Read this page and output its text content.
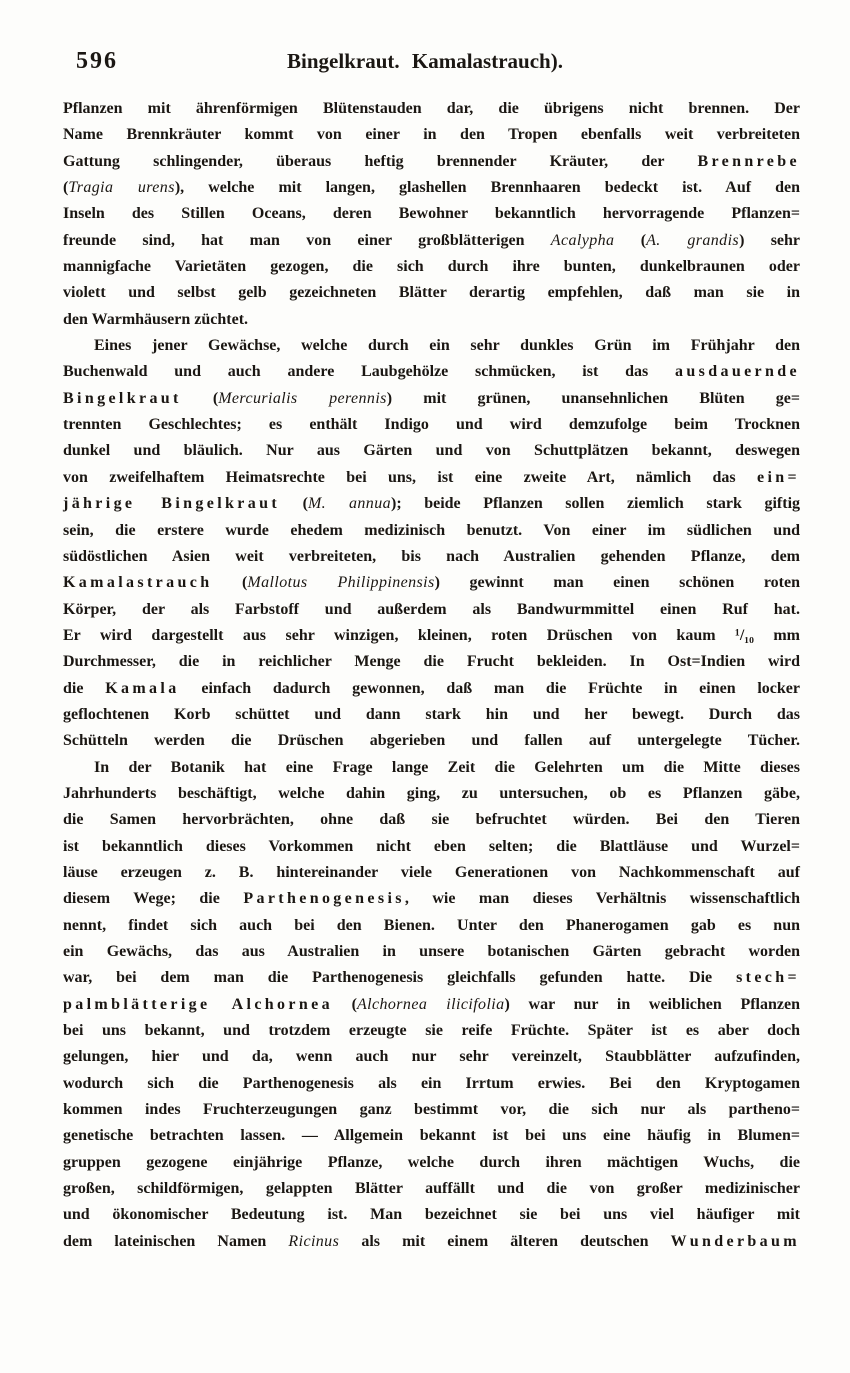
596	Bingelkraut. Kamalastrauch).
Pflanzen mit ährenförmigen Blütenstauden dar, die übrigens nicht brennen. Der
Name Brennkräuter kommt von einer in den Tropen ebenfalls weit verbreiteten
Gattung schlingender, überaus heftig brennender Kräuter, der Brennrebe
(Tragia urens), welche mit langen, glashellen Brennhaaren bedeckt ist. Auf den
Inseln des Stillen Oceans, deren Bewohner bekanntlich hervorragende Pflanzen=
freunde sind, hat man von einer großblätterigen Acalypha (A. grandis) sehr
mannigfache Varietäten gezogen, die sich durch ihre bunten, dunkelbraunen oder
violett und selbst gelb gezeichneten Blätter derartig empfehlen, daß man sie in
den Warmhäusern züchtet.
Eines jener Gewächse, welche durch ein sehr dunkles Grün im Frühjahr den
Buchenwald und auch andere Laubgehölze schmücken, ist das ausdauernde
Bingelkraut (Mercurialis perennis) mit grünen, unansehnlichen Blüten ge=
trennten Geschlechtes; es enthält Indigo und wird demzufolge beim Trocknen
dunkel und bläulich. Nur aus Gärten und von Schuttplätzen bekannt, deswegen
von zweifelhaftem Heimatsrechte bei uns, ist eine zweite Art, nämlich das ein=
jährige Bingelkraut (M. annua); beide Pflanzen sollen ziemlich stark giftig
sein, die erstere wurde ehedem medizinisch benutzt. Von einer im südlichen und
südöstlichen Asien weit verbreiteten, bis nach Australien gehenden Pflanze, dem
Kamalastrauch (Mallotus Philippinensis) gewinnt man einen schönen roten
Körper, der als Farbstoff und außerdem als Bandwurmmittel einen Ruf hat.
Er wird dargestellt aus sehr winzigen, kleinen, roten Drüschen von kaum ¹/₁₀ mm
Durchmesser, die in reichlicher Menge die Frucht bekleiden. In Ost=Indien wird
die Kamala einfach dadurch gewonnen, daß man die Früchte in einen locker
geflochtenen Korb schüttet und dann stark hin und her bewegt. Durch das
Schütteln werden die Drüschen abgerieben und fallen auf untergelegte Tücher.
In der Botanik hat eine Frage lange Zeit die Gelehrten um die Mitte dieses
Jahrhunderts beschäftigt, welche dahin ging, zu untersuchen, ob es Pflanzen gäbe,
die Samen hervorbrächten, ohne daß sie befruchtet würden. Bei den Tieren
ist bekanntlich dieses Vorkommen nicht eben selten; die Blattläuse und Wurzel=
läuse erzeugen z. B. hintereinander viele Generationen von Nachkommenschaft auf
diesem Wege; die Parthenogenesis, wie man dieses Verhältnis wissenschaftlich
nennt, findet sich auch bei den Bienen. Unter den Phanerogamen gab es nun
ein Gewächs, das aus Australien in unsere botanischen Gärten gebracht worden
war, bei dem man die Parthenogenesis gleichfalls gefunden hatte. Die stech=
palmblätterige Alchornea (Alchornea ilicifolia) war nur in weiblichen Pflanzen
bei uns bekannt, und trotzdem erzeugte sie reife Früchte. Später ist es aber doch
gelungen, hier und da, wenn auch nur sehr vereinzelt, Staubblätter aufzufinden,
wodurch sich die Parthenogenesis als ein Irrtum erwies. Bei den Kryptogamen
kommen indes Fruchterzeugungen ganz bestimmt vor, die sich nur als partheno=
genetische betrachten lassen. — Allgemein bekannt ist bei uns eine häufig in Blumen=
gruppen gezogene einjährige Pflanze, welche durch ihren mächtigen Wuchs, die
großen, schildförmigen, gelappten Blätter auffällt und die von großer medizinischer
und ökonomischer Bedeutung ist. Man bezeichnet sie bei uns viel häufiger mit
dem lateinischen Namen Ricinus als mit einem älteren deutschen Wunderbaum
